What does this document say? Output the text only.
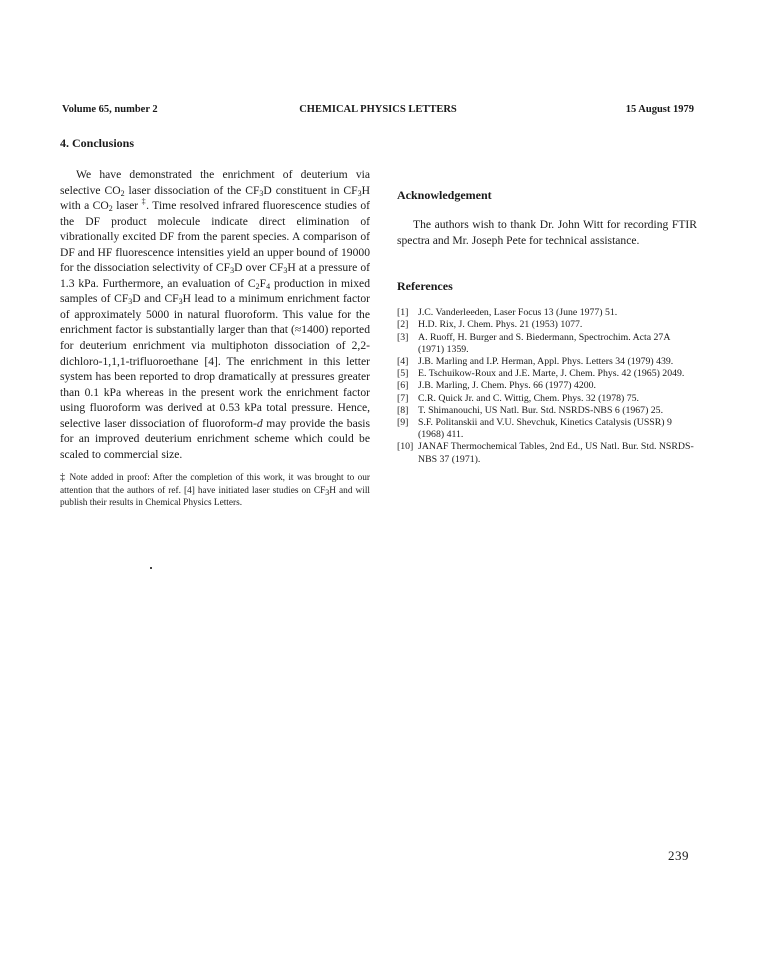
Volume 65, number 2	CHEMICAL PHYSICS LETTERS	15 August 1979
4. Conclusions

We have demonstrated the enrichment of deuterium via selective $CO_2$ laser dissociation of the $CF_3D$ constituent in $CF_3H$ with a $CO_2$ laser ‡. Time resolved infrared fluorescence studies of the DF product molecule indicate direct elimination of vibrationally excited DF from the parent species. A comparison of DF and HF fluorescence intensities yield an upper bound of 19000 for the dissociation selectivity of $CF_3D$ over $CF_3H$ at a pressure of 1.3 kPa. Furthermore, an evaluation of $C_2F_4$ production in mixed samples of $CF_3D$ and $CF_3H$ lead to a minimum enrichment factor of approximately 5000 in natural fluoroform. This value for the enrichment factor is substantially larger than that (≈1400) reported for deuterium enrichment via multiphoton dissociation of 2,2-dichloro-1,1,1-trifluoroethane [4]. The enrichment in this letter system has been reported to drop dramatically at pressures greater than 0.1 kPa whereas in the present work the enrichment factor using fluoroform was derived at 0.53 kPa total pressure. Hence, selective laser dissociation of fluoroform-d may provide the basis for an improved deuterium enrichment scheme which could be scaled to commercial size.

‡ Note added in proof: After the completion of this work, it was brought to our attention that the authors of ref. [4] have initiated laser studies on $CF_3H$ and will publish their results in Chemical Physics Letters.
Acknowledgement

The authors wish to thank Dr. John Witt for recording FTIR spectra and Mr. Joseph Pete for technical assistance.

References
[1] J.C. Vanderleeden, Laser Focus 13 (June 1977) 51.
[2] H.D. Rix, J. Chem. Phys. 21 (1953) 1077.
[3] A. Ruoff, H. Burger and S. Biedermann, Spectrochim. Acta 27A (1971) 1359.
[4] J.B. Marling and I.P. Herman, Appl. Phys. Letters 34 (1979) 439.
[5] E. Tschuikow-Roux and J.E. Marte, J. Chem. Phys. 42 (1965) 2049.
[6] J.B. Marling, J. Chem. Phys. 66 (1977) 4200.
[7] C.R. Quick Jr. and C. Wittig, Chem. Phys. 32 (1978) 75.
[8] T. Shimanouchi, US Natl. Bur. Std. NSRDS-NBS 6 (1967) 25.
[9] S.F. Politanskii and V.U. Shevchuk, Kinetics Catalysis (USSR) 9 (1968) 411.
[10] JANAF Thermochemical Tables, 2nd Ed., US Natl. Bur. Std. NSRDS-NBS 37 (1971).
239
